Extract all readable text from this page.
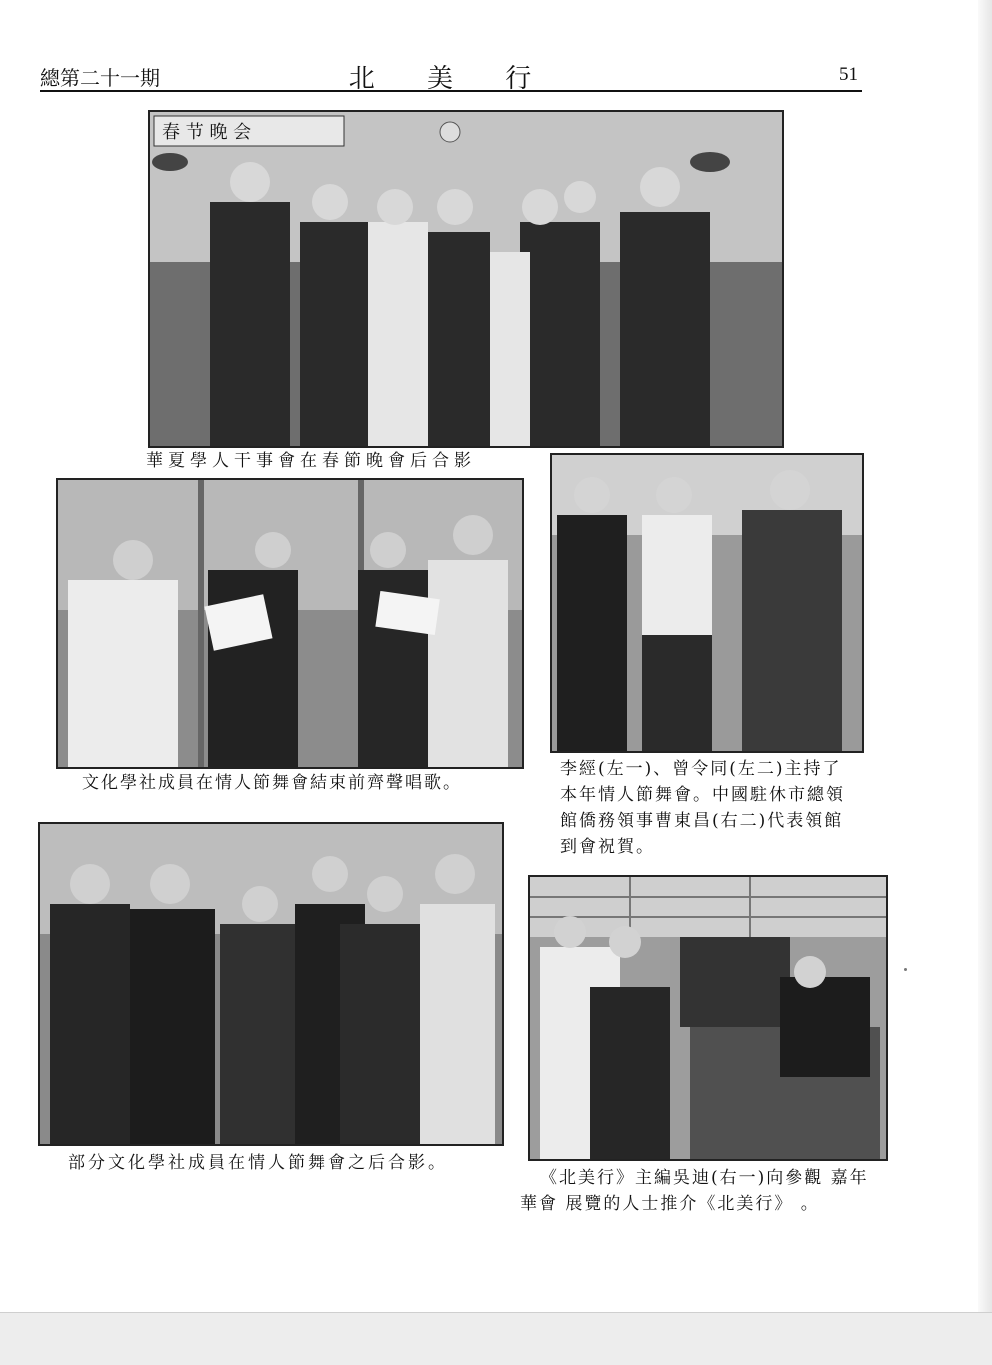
總第二十一期	北 美 行	51
春 节 晚 会
華夏學人干事會在春節晚會后合影
文化學社成員在情人節舞會結束前齊聲唱歌。
李經(左一)、曾令同(左二)主持了
本年情人節舞會。中國駐休市總領
館僑務領事曹東昌(右二)代表領館
到會祝賀。
部分文化學社成員在情人節舞會之后合影。
《北美行》主編吳迪(右一)向參觀 嘉年
華會 展覽的人士推介《北美行》 。
